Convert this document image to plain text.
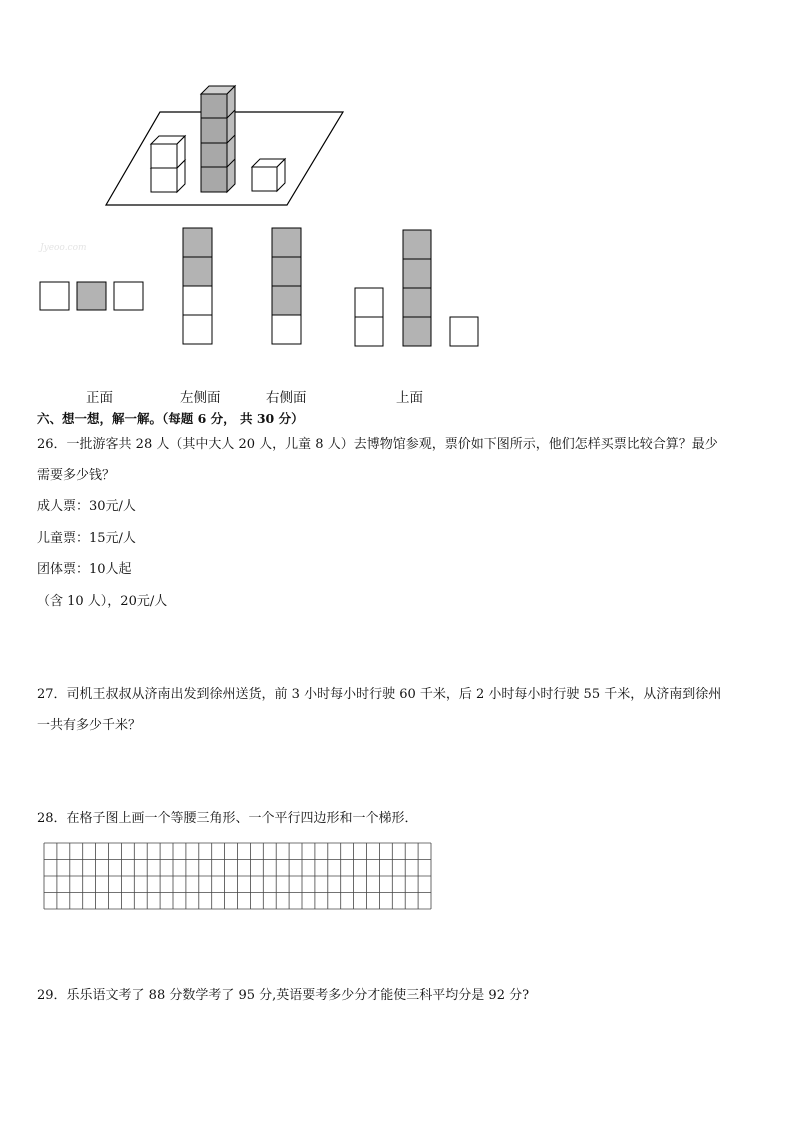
Jyeoo.com
正面	左侧面	右侧面	上面
六、想一想，解一解。（每题 6 分， 共 30 分）
26．一批游客共 28 人（其中大人 20 人，儿童 8 人）去博物馆参观，票价如下图所示，他们怎样买票比较合算？最少
需要多少钱？
成人票：30元/人
儿童票：15元/人
团体票：10人起
（含 10 人），20元/人
27．司机王叔叔从济南出发到徐州送货，前 3 小时每小时行驶 60 千米，后 2 小时每小时行驶 55 千米，从济南到徐州
一共有多少千米？
28．在格子图上画一个等腰三角形、一个平行四边形和一个梯形．
29．乐乐语文考了 88 分数学考了 95 分,英语要考多少分才能使三科平均分是 92 分?
